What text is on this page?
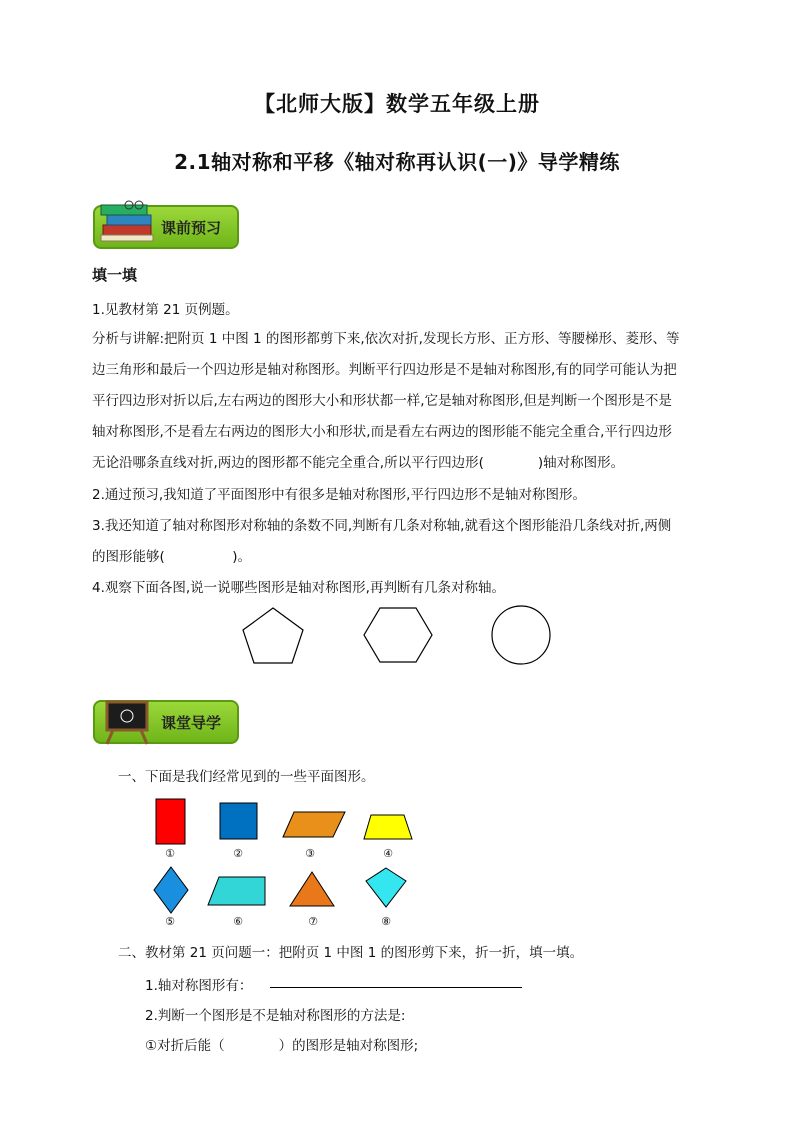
【北师大版】数学五年级上册
2.1轴对称和平移《轴对称再认识(一)》导学精练
课前预习
填一填
1.见教材第 21 页例题。
分析与讲解:把附页 1 中图 1 的图形都剪下来,依次对折,发现长方形、正方形、等腰梯形、菱形、等
边三角形和最后一个四边形是轴对称图形。判断平行四边形是不是轴对称图形,有的同学可能认为把
平行四边形对折以后,左右两边的图形大小和形状都一样,它是轴对称图形,但是判断一个图形是不是
轴对称图形,不是看左右两边的图形大小和形状,而是看左右两边的图形能不能完全重合,平行四边形
无论沿哪条直线对折,两边的图形都不能完全重合,所以平行四边形(　　　　)轴对称图形。
2.通过预习,我知道了平面图形中有很多是轴对称图形,平行四边形不是轴对称图形。
3.我还知道了轴对称图形对称轴的条数不同,判断有几条对称轴,就看这个图形能沿几条线对折,两侧
的图形能够(　　　　　)。
4.观察下面各图,说一说哪些图形是轴对称图形,再判断有几条对称轴。
课堂导学
一、下面是我们经常见到的一些平面图形。
①	②	③	④
⑤	⑥	⑦	⑧
二、教材第 21 页问题一：把附页 1 中图 1 的图形剪下来，折一折，填一填。
1.轴对称图形有：
2.判断一个图形是不是轴对称图形的方法是:
①对折后能（　　　　）的图形是轴对称图形;
